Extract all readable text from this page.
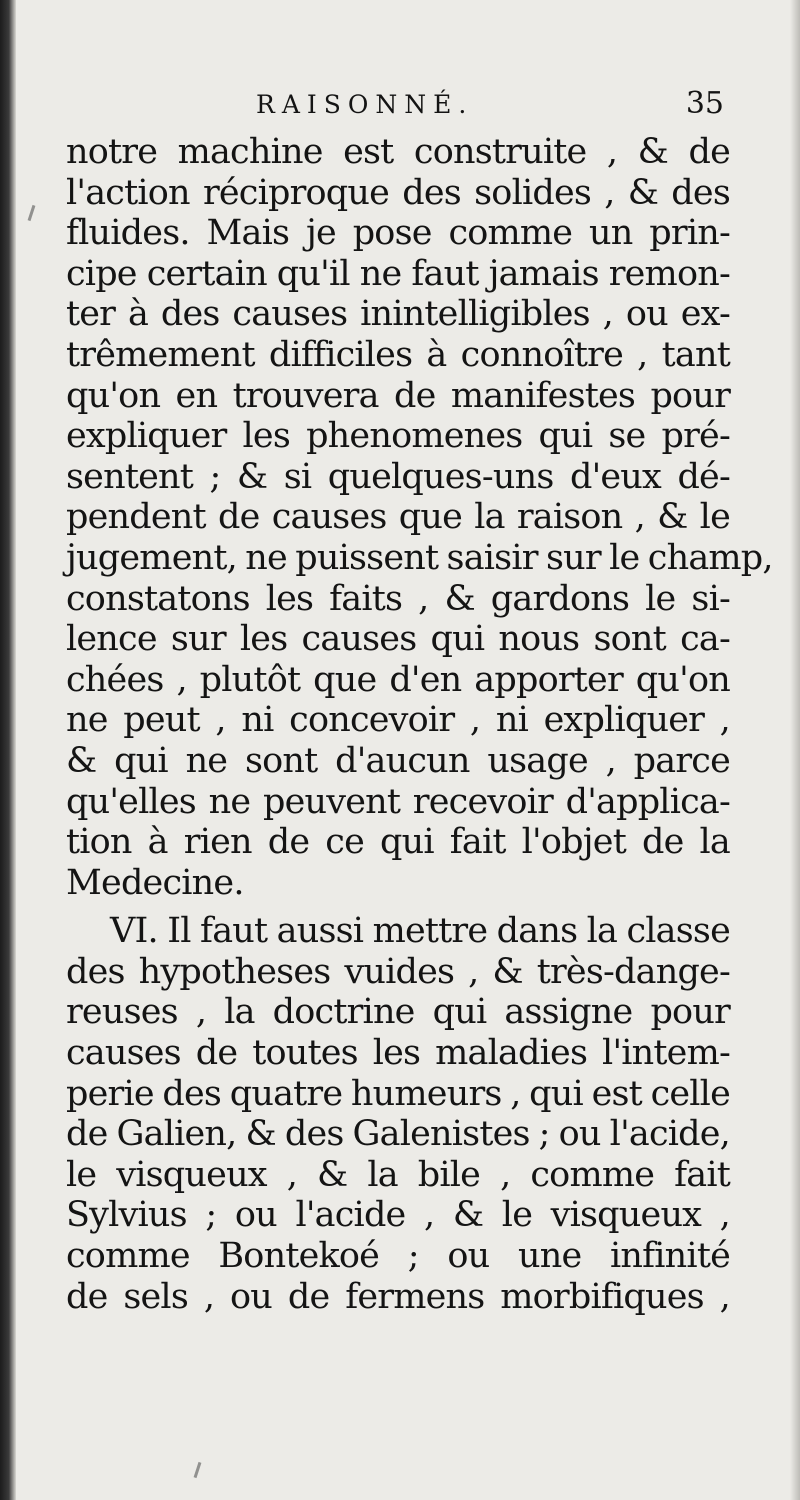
RAISONNÉ.	35
notre machine est construite , & de
l'action réciproque des solides , & des
fluides. Mais je pose comme un prin-
cipe certain qu'il ne faut jamais remon-
ter à des causes inintelligibles , ou ex-
trêmement difficiles à connoître , tant
qu'on en trouvera de manifestes pour
expliquer les phenomenes qui se pré-
sentent ; & si quelques-uns d'eux dé-
pendent de causes que la raison , & le
jugement, ne puissent saisir sur le champ,
constatons les faits , & gardons le si-
lence sur les causes qui nous sont ca-
chées , plutôt que d'en apporter qu'on
ne peut , ni concevoir , ni expliquer ,
& qui ne sont d'aucun usage , parce
qu'elles ne peuvent recevoir d'applica-
tion à rien de ce qui fait l'objet de la
Medecine.
VI. Il faut aussi mettre dans la classe
des hypotheses vuides , & très-dange-
reuses , la doctrine qui assigne pour
causes de toutes les maladies l'intem-
perie des quatre humeurs , qui est celle
de Galien, & des Galenistes ; ou l'acide,
le visqueux , & la bile , comme fait
Sylvius ; ou l'acide , & le visqueux ,
comme Bontekoé ; ou une infinité
de sels , ou de fermens morbifiques ,
